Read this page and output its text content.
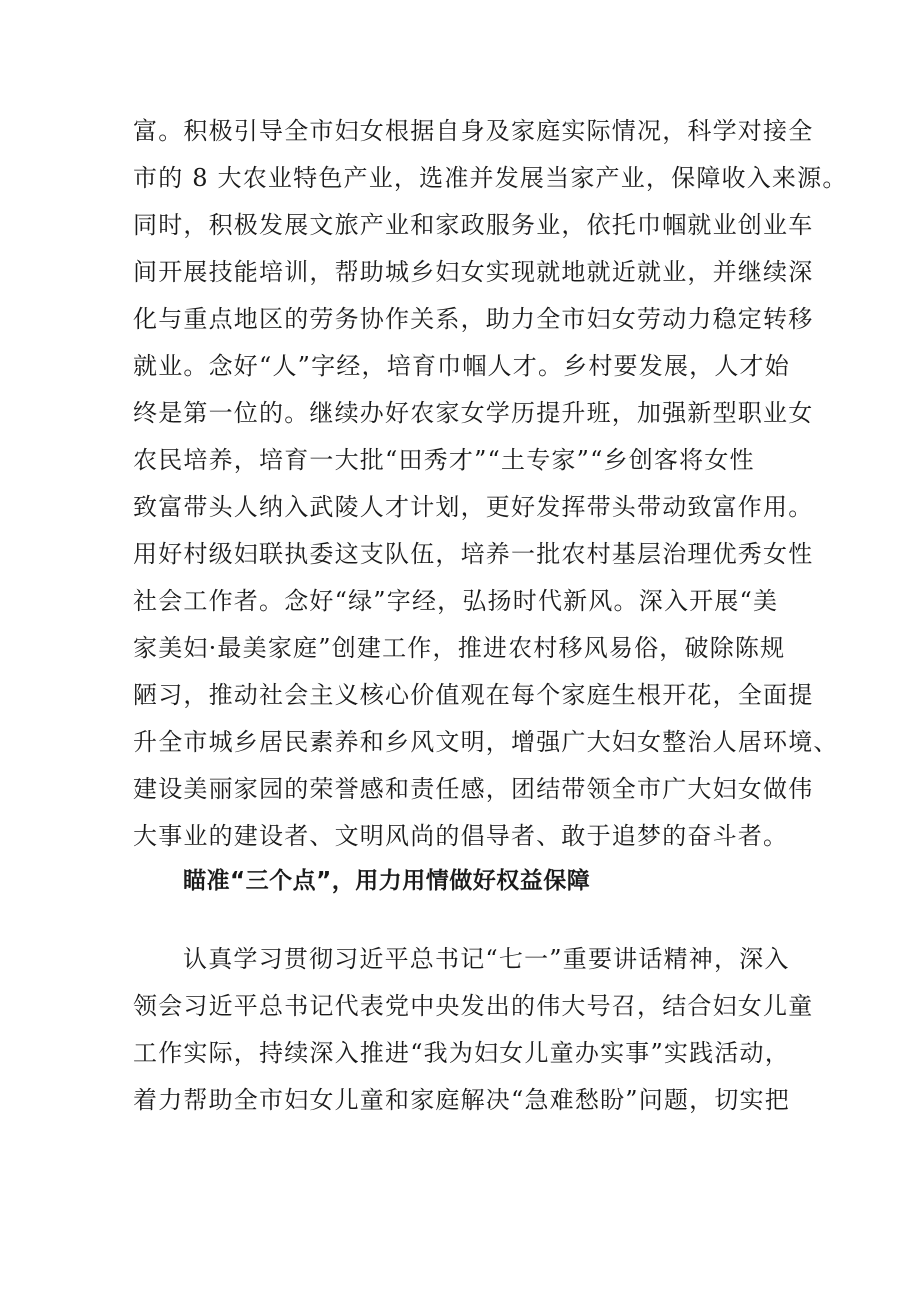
富。积极引导全市妇女根据自身及家庭实际情况，科学对接全
市的 8 大农业特色产业，选准并发展当家产业，保障收入来源。
同时，积极发展文旅产业和家政服务业，依托巾帼就业创业车
间开展技能培训，帮助城乡妇女实现就地就近就业，并继续深
化与重点地区的劳务协作关系，助力全市妇女劳动力稳定转移
就业。念好“人”字经，培育巾帼人才。乡村要发展，人才始
终是第一位的。继续办好农家女学历提升班，加强新型职业女
农民培养，培育一大批“田秀才”“土专家”“乡创客将女性
致富带头人纳入武陵人才计划，更好发挥带头带动致富作用。
用好村级妇联执委这支队伍，培养一批农村基层治理优秀女性
社会工作者。念好“绿”字经，弘扬时代新风。深入开展“美
家美妇·最美家庭”创建工作，推进农村移风易俗，破除陈规
陋习，推动社会主义核心价值观在每个家庭生根开花，全面提
升全市城乡居民素养和乡风文明，增强广大妇女整治人居环境、
建设美丽家园的荣誉感和责任感，团结带领全市广大妇女做伟
大事业的建设者、文明风尚的倡导者、敢于追梦的奋斗者。
瞄准“三个点”，用力用情做好权益保障
认真学习贯彻习近平总书记“七一”重要讲话精神，深入
领会习近平总书记代表党中央发出的伟大号召，结合妇女儿童
工作实际，持续深入推进“我为妇女儿童办实事”实践活动，
着力帮助全市妇女儿童和家庭解决“急难愁盼”问题，切实把
